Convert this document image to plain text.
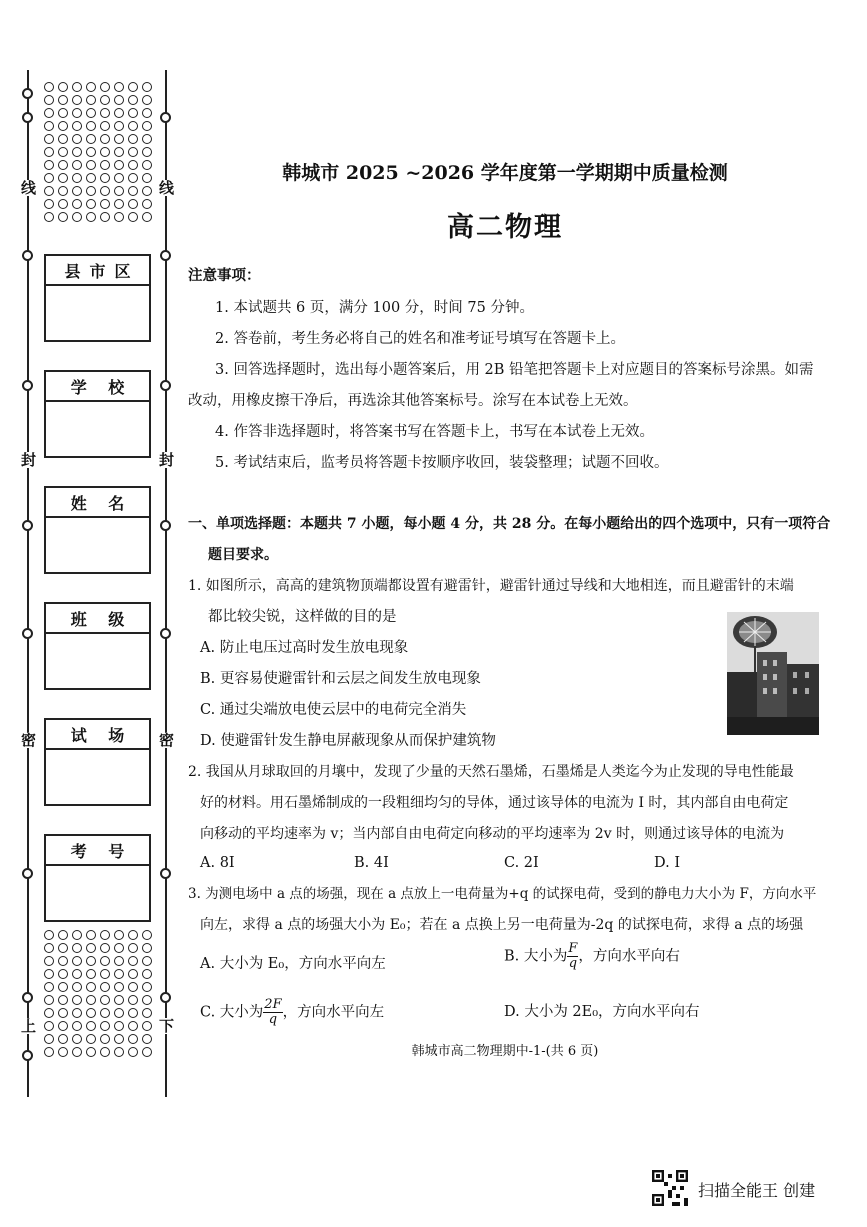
线
封
密
上
线
封
密
下
县 市 区
学 校
姓 名
班 级
试 场
考 号
韩城市 2025 ~2026 学年度第一学期期中质量检测
高二物理
注意事项：
1. 本试题共 6 页，满分 100 分，时间 75 分钟。
2. 答卷前，考生务必将自己的姓名和准考证号填写在答题卡上。
3. 回答选择题时，选出每小题答案后，用 2B 铅笔把答题卡上对应题目的答案标号涂黑。如需
改动，用橡皮擦干净后，再选涂其他答案标号。涂写在本试卷上无效。
4. 作答非选择题时，将答案书写在答题卡上，书写在本试卷上无效。
5. 考试结束后，监考员将答题卡按顺序收回，装袋整理；试题不回收。
一、单项选择题：本题共 7 小题，每小题 4 分，共 28 分。在每小题给出的四个选项中，只有一项符合
题目要求。
1. 如图所示，高高的建筑物顶端都设置有避雷针，避雷针通过导线和大地相连，而且避雷针的末端
都比较尖锐，这样做的目的是
A. 防止电压过高时发生放电现象
B. 更容易使避雷针和云层之间发生放电现象
C. 通过尖端放电使云层中的电荷完全消失
D. 使避雷针发生静电屏蔽现象从而保护建筑物
2. 我国从月球取回的月壤中，发现了少量的天然石墨烯，石墨烯是人类迄今为止发现的导电性能最
好的材料。用石墨烯制成的一段粗细均匀的导体，通过该导体的电流为 I 时，其内部自由电荷定
向移动的平均速率为 v；当内部自由电荷定向移动的平均速率为 2v 时，则通过该导体的电流为
A. 8I	B. 4I	C. 2I	D. I
3. 为测电场中 a 点的场强，现在 a 点放上一电荷量为+q 的试探电荷，受到的静电力大小为 F，方向水平
向左，求得 a 点的场强大小为 E₀；若在 a 点换上另一电荷量为-2q 的试探电荷，求得 a 点的场强
A. 大小为 E₀，方向水平向左	B. 大小为 $\frac{F}{q}$ ，方向水平向右
C. 大小为 $\frac{2F}{q}$ ，方向水平向左	D. 大小为 2E₀，方向水平向右
韩城市高二物理期中-1-(共 6 页)
扫描全能王 创建
